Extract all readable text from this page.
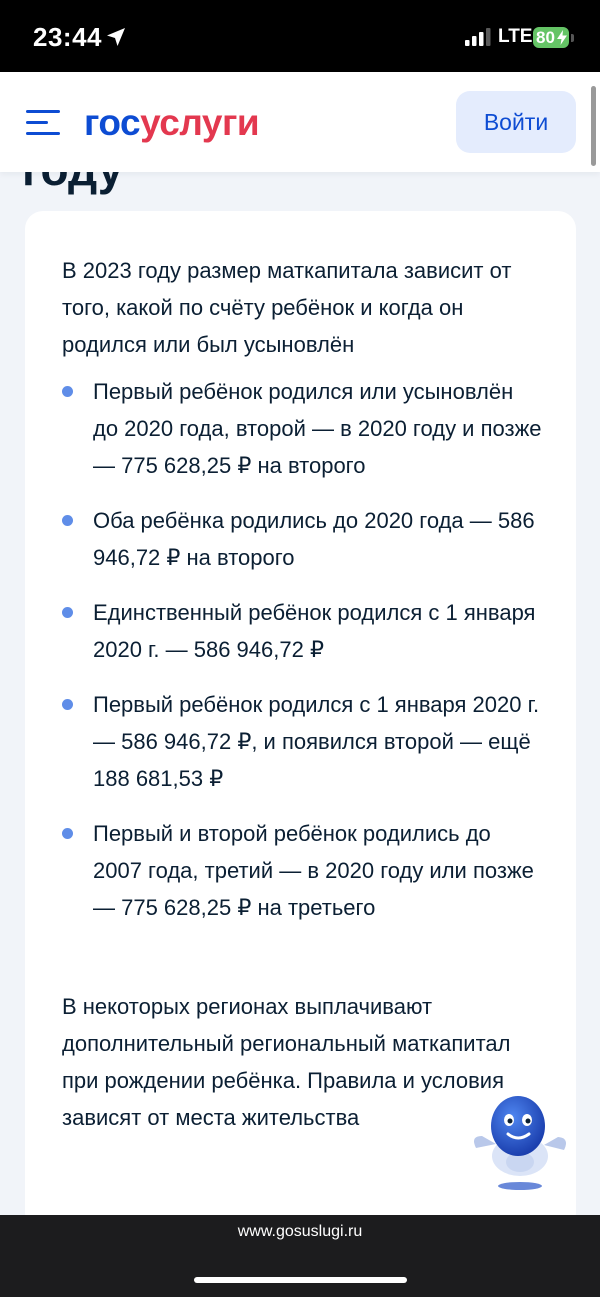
23:44	LTE 80
госуслуги	Войти
В 2023 году размер маткапитала зависит от того, какой по счёту ребёнок и когда он родился или был усыновлён
Первый ребёнок родился или усыновлён до 2020 года, второй — в 2020 году и позже — 775 628,25 ₽ на второго
Оба ребёнка родились до 2020 года — 586 946,72 ₽ на второго
Единственный ребёнок родился с 1 января 2020 г. — 586 946,72 ₽
Первый ребёнок родился с 1 января 2020 г. — 586 946,72 ₽, и появился второй — ещё 188 681,53 ₽
Первый и второй ребёнок родились до 2007 года, третий — в 2020 году или позже — 775 628,25 ₽ на третьего
В некоторых регионах выплачивают дополнительный региональный маткапитал при рождении ребёнка. Правила и условия зависят от места жительства
www.gosuslugi.ru
